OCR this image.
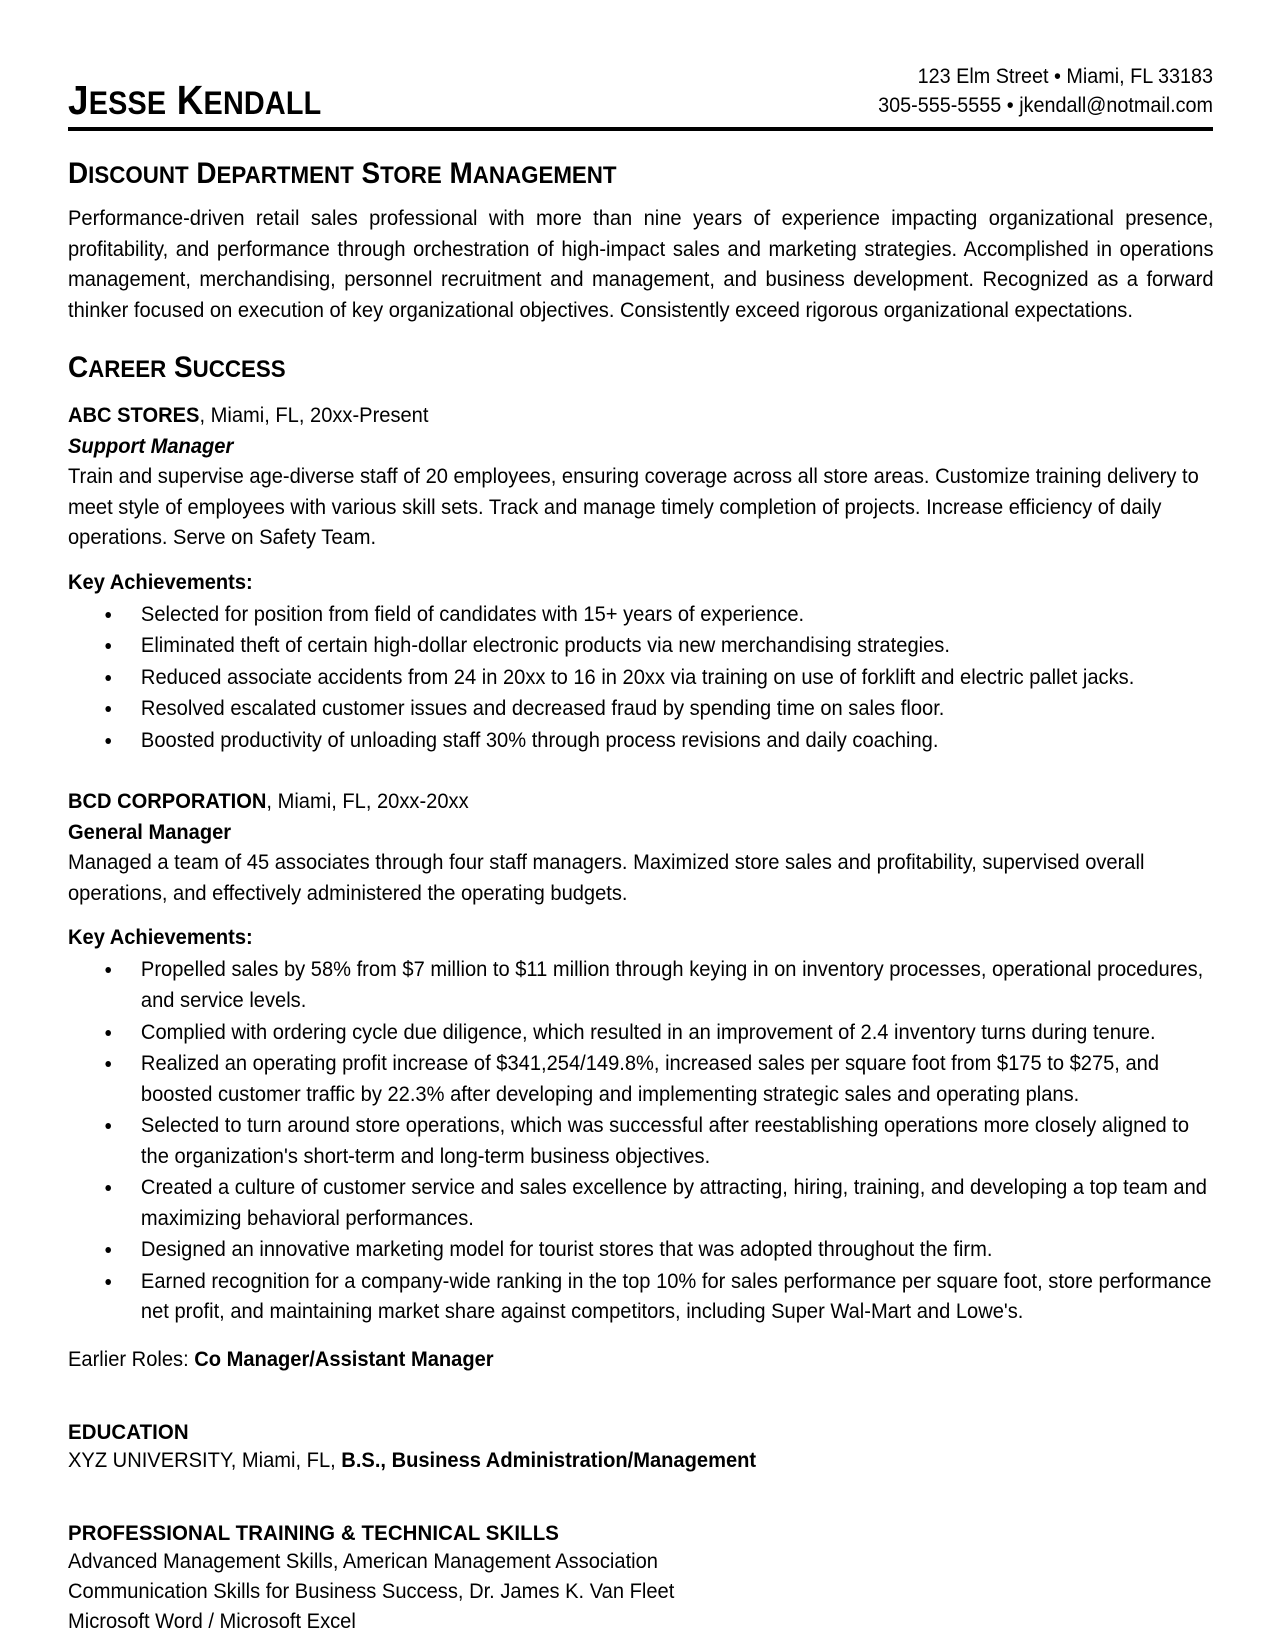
JESSE KENDALL
123 Elm Street • Miami, FL 33183
305-555-5555 • jkendall@notmail.com
DISCOUNT DEPARTMENT STORE MANAGEMENT
Performance-driven retail sales professional with more than nine years of experience impacting organizational presence, profitability, and performance through orchestration of high-impact sales and marketing strategies. Accomplished in operations management, merchandising, personnel recruitment and management, and business development. Recognized as a forward thinker focused on execution of key organizational objectives. Consistently exceed rigorous organizational expectations.
CAREER SUCCESS
ABC STORES, Miami, FL, 20xx-Present
Support Manager
Train and supervise age-diverse staff of 20 employees, ensuring coverage across all store areas. Customize training delivery to meet style of employees with various skill sets. Track and manage timely completion of projects. Increase efficiency of daily operations. Serve on Safety Team.
Key Achievements:
Selected for position from field of candidates with 15+ years of experience.
Eliminated theft of certain high-dollar electronic products via new merchandising strategies.
Reduced associate accidents from 24 in 20xx to 16 in 20xx via training on use of forklift and electric pallet jacks.
Resolved escalated customer issues and decreased fraud by spending time on sales floor.
Boosted productivity of unloading staff 30% through process revisions and daily coaching.
BCD CORPORATION, Miami, FL, 20xx-20xx
General Manager
Managed a team of 45 associates through four staff managers. Maximized store sales and profitability, supervised overall operations, and effectively administered the operating budgets.
Key Achievements:
Propelled sales by 58% from $7 million to $11 million through keying in on inventory processes, operational procedures, and service levels.
Complied with ordering cycle due diligence, which resulted in an improvement of 2.4 inventory turns during tenure.
Realized an operating profit increase of $341,254/149.8%, increased sales per square foot from $175 to $275, and boosted customer traffic by 22.3% after developing and implementing strategic sales and operating plans.
Selected to turn around store operations, which was successful after reestablishing operations more closely aligned to the organization's short-term and long-term business objectives.
Created a culture of customer service and sales excellence by attracting, hiring, training, and developing a top team and maximizing behavioral performances.
Designed an innovative marketing model for tourist stores that was adopted throughout the firm.
Earned recognition for a company-wide ranking in the top 10% for sales performance per square foot, store performance net profit, and maintaining market share against competitors, including Super Wal-Mart and Lowe's.
Earlier Roles: Co Manager/Assistant Manager
EDUCATION
XYZ UNIVERSITY, Miami, FL, B.S., Business Administration/Management
PROFESSIONAL TRAINING & TECHNICAL SKILLS
Advanced Management Skills, American Management Association
Communication Skills for Business Success, Dr. James K. Van Fleet
Microsoft Word / Microsoft Excel
